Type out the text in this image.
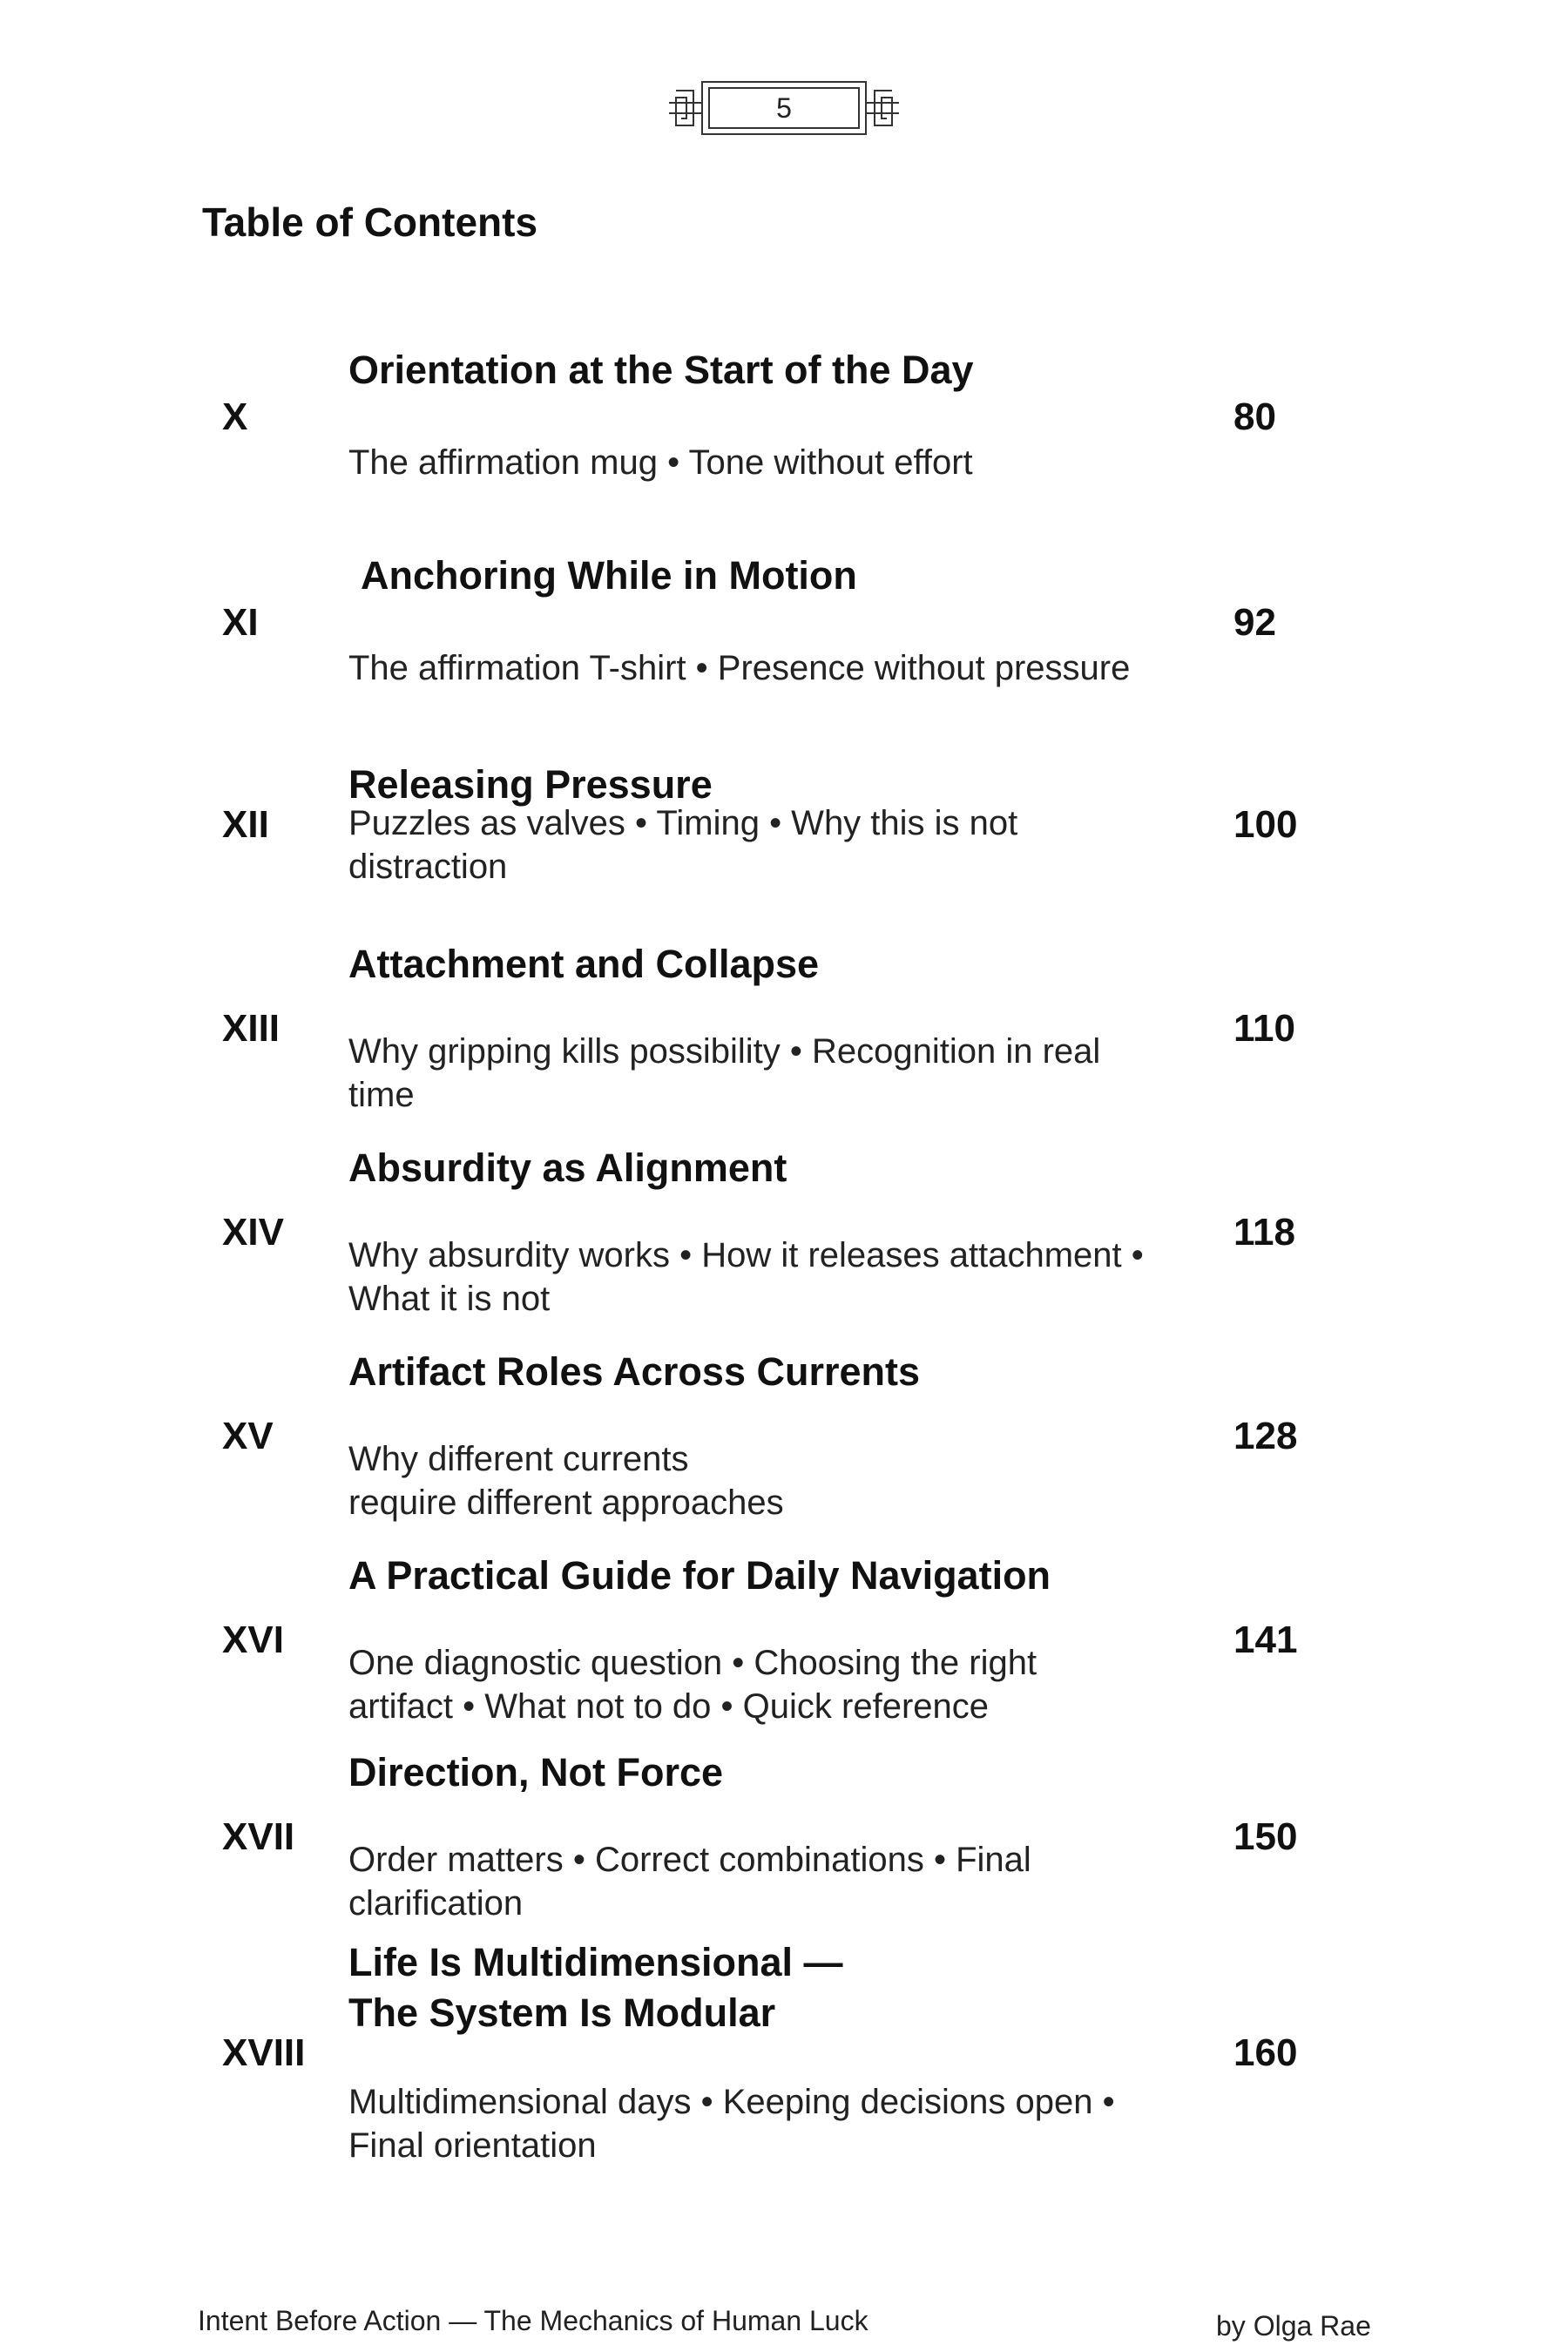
5
Table of Contents
Orientation at the Start of the Day
X	80
The affirmation mug • Tone without effort
Anchoring While in Motion
XI	92
The affirmation T-shirt • Presence without pressure
Releasing Pressure
XII	100
Puzzles as valves • Timing • Why this is not
distraction
Attachment and Collapse
XIII	110
Why gripping kills possibility • Recognition in real
time
Absurdity as Alignment
XIV	118
Why absurdity works • How it releases attachment •
What it is not
Artifact Roles Across Currents
XV	128
Why different currents
require different approaches
A Practical Guide for Daily Navigation
XVI	141
One diagnostic question • Choosing the right
artifact • What not to do • Quick reference
Direction, Not Force
XVII	150
Order matters • Correct combinations • Final
clarification
Life Is Multidimensional —
The System Is Modular
XVIII	160
Multidimensional days • Keeping decisions open •
Final orientation
Intent Before Action — The Mechanics of Human Luck	by Olga Rae
